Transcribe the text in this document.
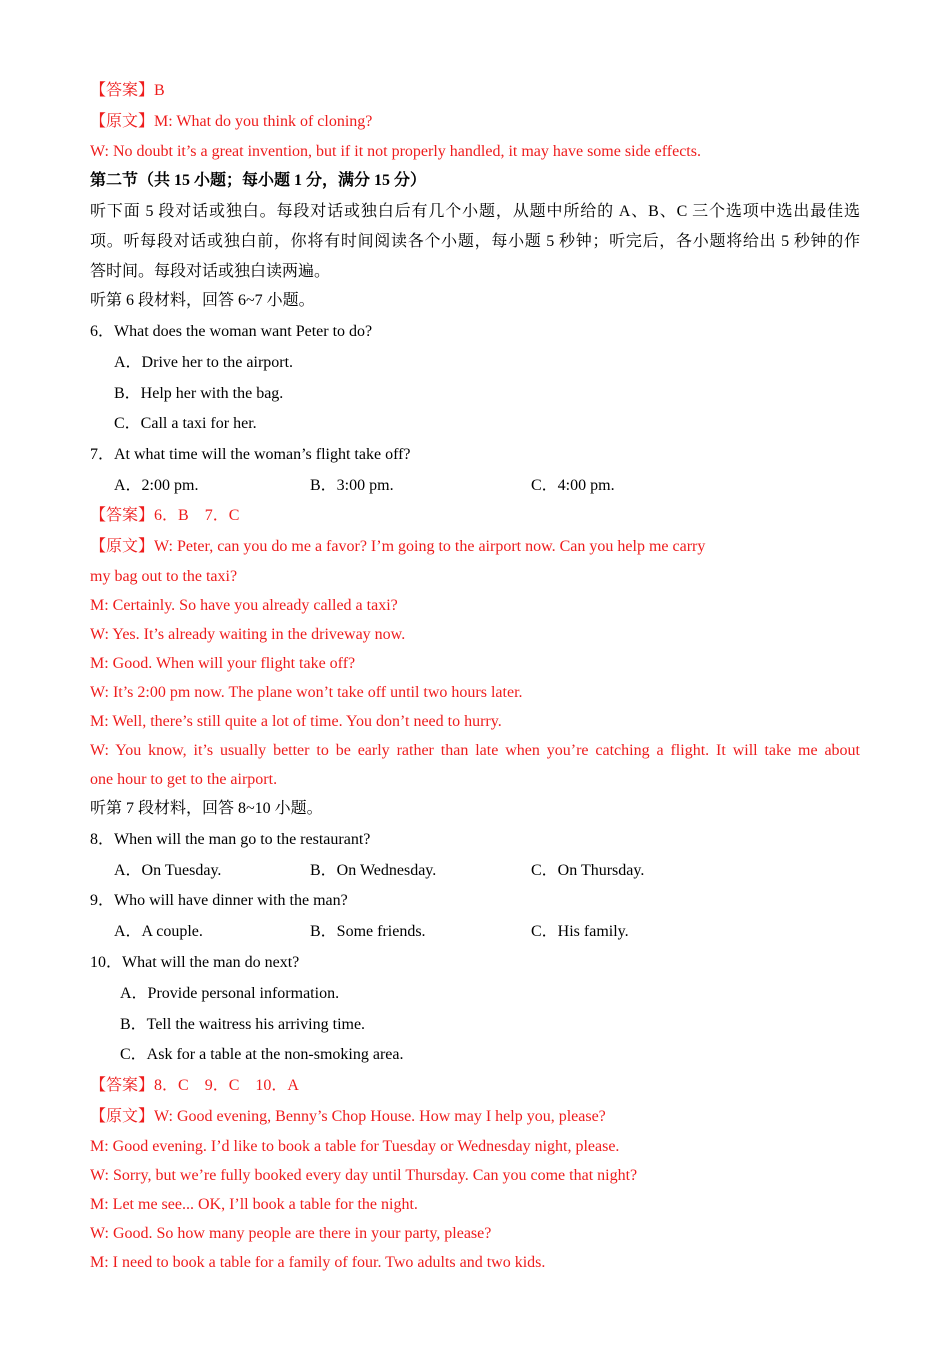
【答案】B
【原文】M: What do you think of cloning?
W: No doubt it’s a great invention, but if it not properly handled, it may have some side effects.
第二节（共 15 小题；每小题 1 分，满分 15 分）
听下面 5 段对话或独白。每段对话或独白后有几个小题，从题中所给的 A、B、C 三个选项中选出最佳选
项。听每段对话或独白前，你将有时间阅读各个小题，每小题 5 秒钟；听完后，各小题将给出 5 秒钟的作
答时间。每段对话或独白读两遍。
听第 6 段材料，回答 6~7 小题。
6．What does the woman want Peter to do?
A．Drive her to the airport.
B．Help her with the bag.
C．Call a taxi for her.
7．At what time will the woman’s flight take off?
A．2:00 pm.	B．3:00 pm.	C．4:00 pm.
【答案】6．B　7．C
【原文】W: Peter, can you do me a favor? I’m going to the airport now. Can you help me carry
my bag out to the taxi?
M: Certainly. So have you already called a taxi?
W: Yes. It’s already waiting in the driveway now.
M: Good. When will your flight take off?
W: It’s 2:00 pm now. The plane won’t take off until two hours later.
M: Well, there’s still quite a lot of time. You don’t need to hurry.
W: You know, it’s usually better to be early rather than late when you’re catching a flight. It will take me about
one hour to get to the airport.
听第 7 段材料，回答 8~10 小题。
8．When will the man go to the restaurant?
A．On Tuesday.	B．On Wednesday.	C．On Thursday.
9．Who will have dinner with the man?
A．A couple.	B．Some friends.	C．His family.
10．What will the man do next?
A．Provide personal information.
B．Tell the waitress his arriving time.
C．Ask for a table at the non-smoking area.
【答案】8．C　9．C　10．A
【原文】W: Good evening, Benny’s Chop House. How may I help you, please?
M: Good evening. I’d like to book a table for Tuesday or Wednesday night, please.
W: Sorry, but we’re fully booked every day until Thursday. Can you come that night?
M: Let me see... OK, I’ll book a table for the night.
W: Good. So how many people are there in your party, please?
M: I need to book a table for a family of four. Two adults and two kids.
